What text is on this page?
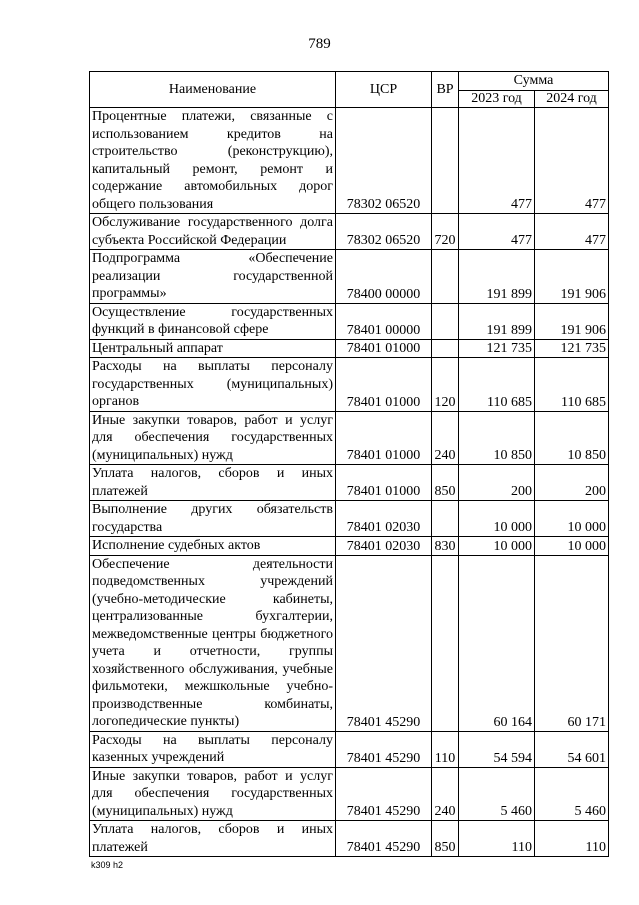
789
Наименование	ЦСР	ВР	Сумма	
			2023 год	2024 год
Процентные платежи, связанные с использованием кредитов на строительство (реконструкцию), капитальный ремонт, ремонт и содержание автомобильных дорог общего пользования	78302 06520		477	477
Обслуживание государственного долга субъекта Российской Федерации	78302 06520	720	477	477
Подпрограмма «Обеспечение реализации государственной программы»	78400 00000		191 899	191 906
Осуществление государственных функций в финансовой сфере	78401 00000		191 899	191 906
Центральный аппарат	78401 01000		121 735	121 735
Расходы на выплаты персоналу государственных (муниципальных) органов	78401 01000	120	110 685	110 685
Иные закупки товаров, работ и услуг для обеспечения государственных (муниципальных) нужд	78401 01000	240	10 850	10 850
Уплата налогов, сборов и иных платежей	78401 01000	850	200	200
Выполнение других обязательств государства	78401 02030		10 000	10 000
Исполнение судебных актов	78401 02030	830	10 000	10 000
Обеспечение деятельности подведомственных учреждений (учебно-методические кабинеты, централизованные бухгалтерии, межведомственные центры бюджетного учета и отчетности, группы хозяйственного обслуживания, учебные фильмотеки, межшкольные учебно-производственные комбинаты, логопедические пункты)	78401 45290		60 164	60 171
Расходы на выплаты персоналу казенных учреждений	78401 45290	110	54 594	54 601
Иные закупки товаров, работ и услуг для обеспечения государственных (муниципальных) нужд	78401 45290	240	5 460	5 460
Уплата налогов, сборов и иных платежей	78401 45290	850	110	110
k309 h2
